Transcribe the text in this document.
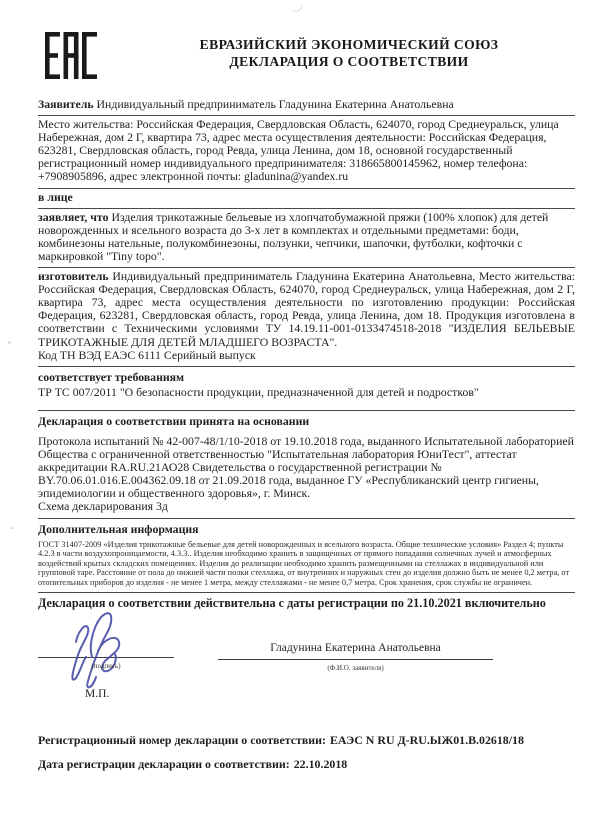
ЕВРАЗИЙСКИЙ ЭКОНОМИЧЕСКИЙ СОЮЗ
ДЕКЛАРАЦИЯ О СООТВЕТСТВИИ
Заявитель Индивидуальный предприниматель Гладунина Екатерина Анатольевна
Место жительства: Российская Федерация, Свердловская Область, 624070, город Среднеуральск, улица Набережная, дом 2 Г, квартира 73, адрес места осуществления деятельности: Российская Федерация, 623281, Свердловская область, город Ревда, улица Ленина, дом 18, основной государственный регистрационный номер индивидуального предпринимателя: 318665800145962, номер телефона: +7908905896, адрес электронной почты: gladunina@yandex.ru
в лице
заявляет, что Изделия трикотажные бельевые из хлопчатобумажной пряжи (100% хлопок) для детей новорожденных и ясельного возраста до 3-х лет в комплектах и отдельными предметами: боди, комбинезоны нательные, полукомбинезоны, ползунки, чепчики, шапочки, футболки, кофточки с маркировкой "Tiny topo".
изготовитель Индивидуальный предприниматель Гладунина Екатерина Анатольевна, Место жительства: Российская Федерация, Свердловская Область, 624070, город Среднеуральск, улица Набережная, дом 2 Г, квартира 73, адрес места осуществления деятельности по изготовлению продукции: Российская Федерация, 623281, Свердловская область, город Ревда, улица Ленина, дом 18. Продукция изготовлена в соответствии с Техническими условиями ТУ 14.19.11-001-0133474518-2018 "ИЗДЕЛИЯ БЕЛЬЕВЫЕ ТРИКОТАЖНЫЕ ДЛЯ ДЕТЕЙ МЛАДШЕГО ВОЗРАСТА".
Код ТН ВЭД ЕАЭС 6111 Серийный выпуск
соответствует требованиям
ТР ТС 007/2011 "О безопасности продукции, предназначенной для детей и подростков"
Декларация о соответствии принята на основании
Протокола испытаний № 42-007-48/1/10-2018 от 19.10.2018 года, выданного Испытательной лабораторией Общества с ограниченной ответственностью "Испытательная лаборатория ЮниТест", аттестат аккредитации RA.RU.21АО28 Свидетельства о государственной регистрации № BY.70.06.01.016.Е.004362.09.18 от 21.09.2018 года, выданное ГУ «Республиканский центр гигиены, эпидемиологии и общественного здоровья», г. Минск.
Схема декларирования 3д
Дополнительная информация
ГОСТ 31407-2009 «Изделия трикотажные бельевые для детей новорожденных и ясельного возраста. Общие технические условия» Раздел 4; пункты 4.2.3 в части воздухопроницаемости, 4.3.3.. Изделия необходимо хранить в защищенных от прямого попадания солнечных лучей и атмосферных воздействий крытых складских помещениях. Изделия до реализации необходимо хранить размещенными на стеллажах в индивидуальной или групповой таре. Расстояние от пола до нижней части полки стеллажа, от внутренних и наружных стен до изделия должно быть не менее 0,2 метра, от отопительных приборов до изделия - не менее 1 метра, между стеллажами - не менее 0,7 метра. Срок хранения, срок службы не ограничен.
Декларация о соответствии действительна с даты регистрации по 21.10.2021 включительно
(подпись)
Гладунина Екатерина Анатольевна
(Ф.И.О. заявителя)
М.П.
Регистрационный номер декларации о соответствии: ЕАЭС N RU Д-RU.ЫЖ01.В.02618/18
Дата регистрации декларации о соответствии: 22.10.2018
